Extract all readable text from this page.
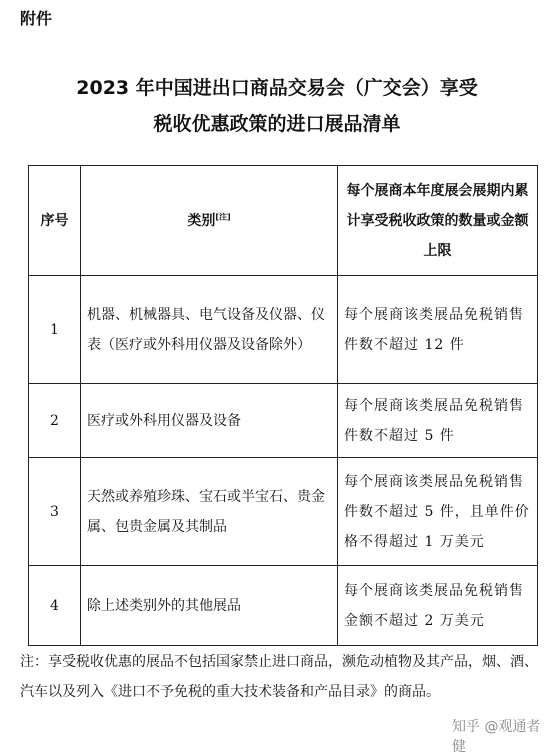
附件
2023 年中国进出口商品交易会（广交会）享受
税收优惠政策的进口展品清单
序号	类别[注]	每个展商本年度展会展期内累计享受税收政策的数量或金额上限
1	机器、机械器具、电气设备及仪器、仪表（医疗或外科用仪器及设备除外）	每个展商该类展品免税销售件数不超过 12 件
2	医疗或外科用仪器及设备	每个展商该类展品免税销售件数不超过 5 件
3	天然或养殖珍珠、宝石或半宝石、贵金属、包贵金属及其制品	每个展商该类展品免税销售件数不超过 5 件，且单件价格不得超过 1 万美元
4	除上述类别外的其他展品	每个展商该类展品免税销售金额不超过 2 万美元
注：享受税收优惠的展品不包括国家禁止进口商品，濒危动植物及其产品，烟、酒、汽车以及列入《进口不予免税的重大技术装备和产品目录》的商品。
知乎 @观通者健
